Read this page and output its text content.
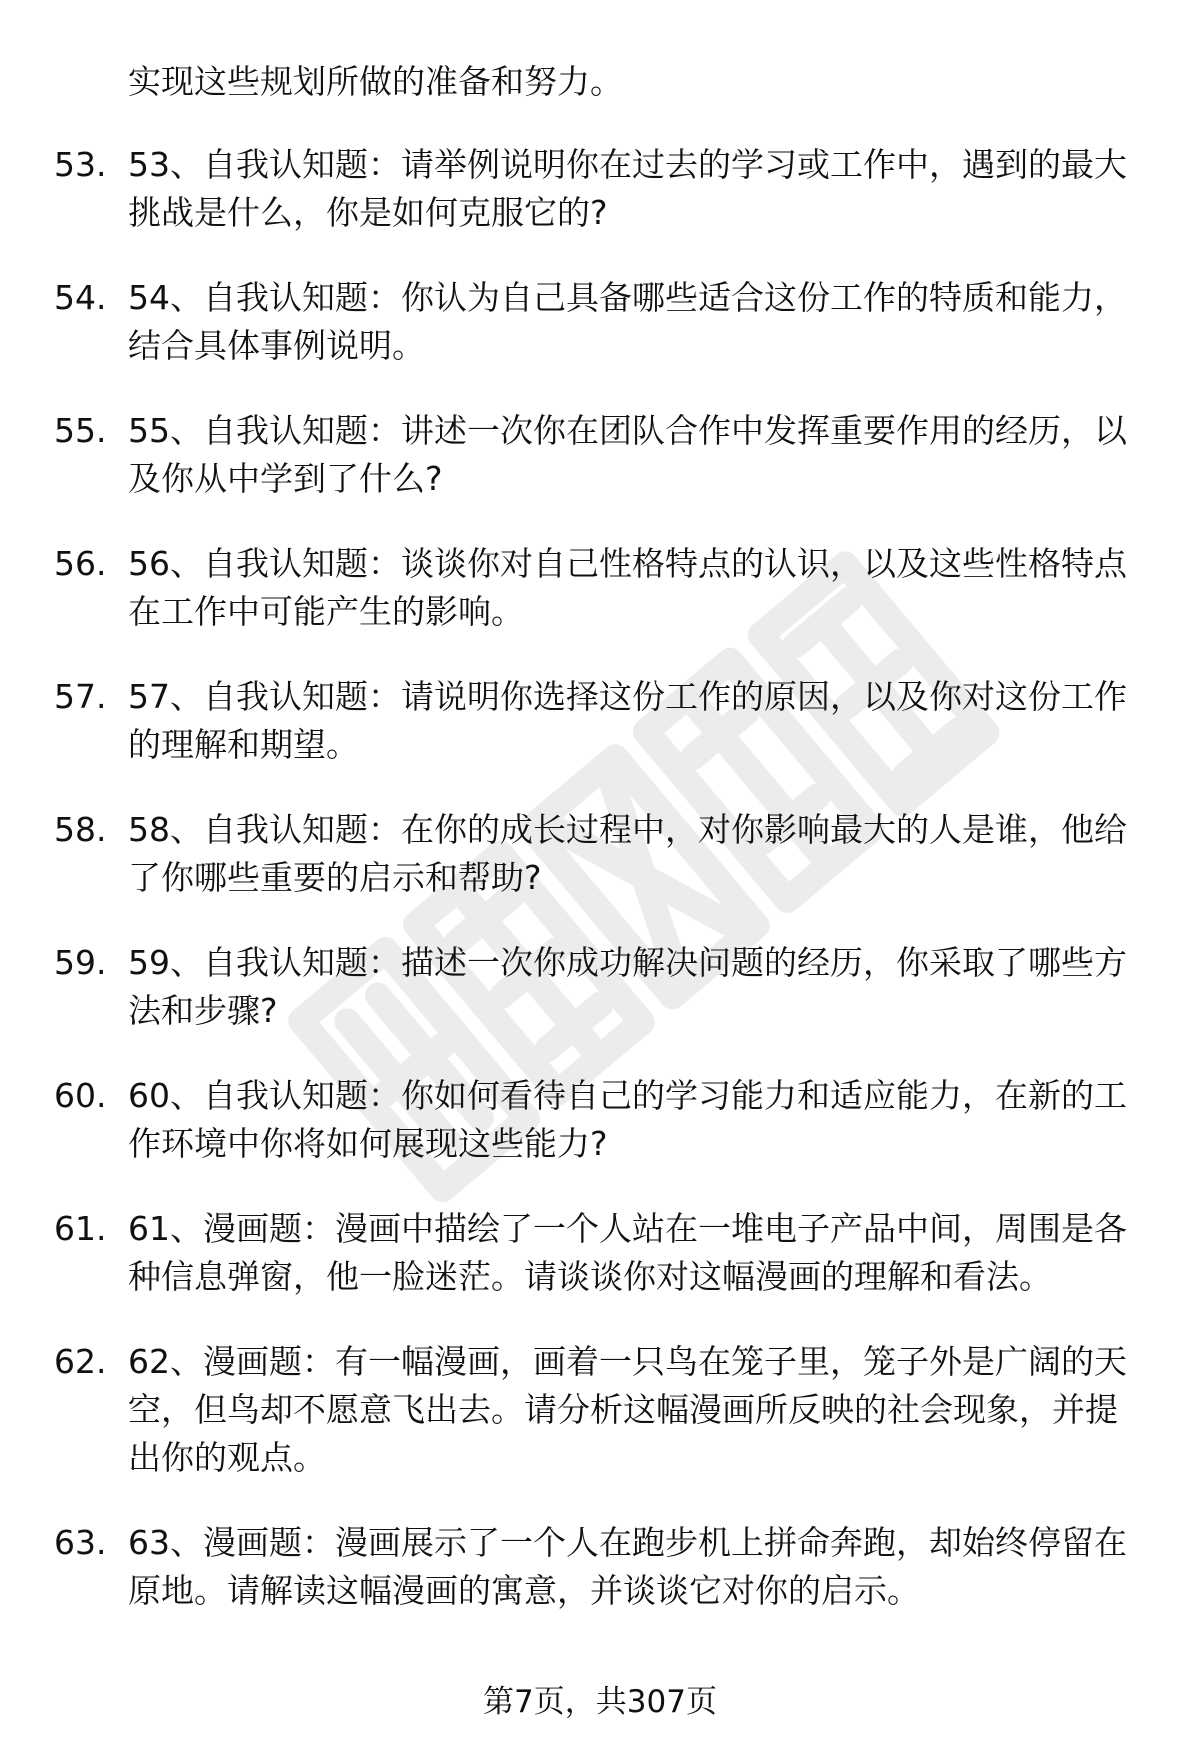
实现这些规划所做的准备和努力。
53. 53、自我认知题：请举例说明你在过去的学习或工作中，遇到的最大挑战是什么，你是如何克服它的?
54. 54、自我认知题：你认为自己具备哪些适合这份工作的特质和能力，结合具体事例说明。
55. 55、自我认知题：讲述一次你在团队合作中发挥重要作用的经历，以及你从中学到了什么?
56. 56、自我认知题：谈谈你对自己性格特点的认识，以及这些性格特点在工作中可能产生的影响。
57. 57、自我认知题：请说明你选择这份工作的原因，以及你对这份工作的理解和期望。
58. 58、自我认知题：在你的成长过程中，对你影响最大的人是谁，他给了你哪些重要的启示和帮助?
59. 59、自我认知题：描述一次你成功解决问题的经历，你采取了哪些方法和步骤?
60. 60、自我认知题：你如何看待自己的学习能力和适应能力，在新的工作环境中你将如何展现这些能力?
61. 61、漫画题：漫画中描绘了一个人站在一堆电子产品中间，周围是各种信息弹窗，他一脸迷茫。请谈谈你对这幅漫画的理解和看法。
62. 62、漫画题：有一幅漫画，画着一只鸟在笼子里，笼子外是广阔的天空，但鸟却不愿意飞出去。请分析这幅漫画所反映的社会现象，并提出你的观点。
63. 63、漫画题：漫画展示了一个人在跑步机上拼命奔跑，却始终停留在原地。请解读这幅漫画的寓意，并谈谈它对你的启示。
第7页，共307页
